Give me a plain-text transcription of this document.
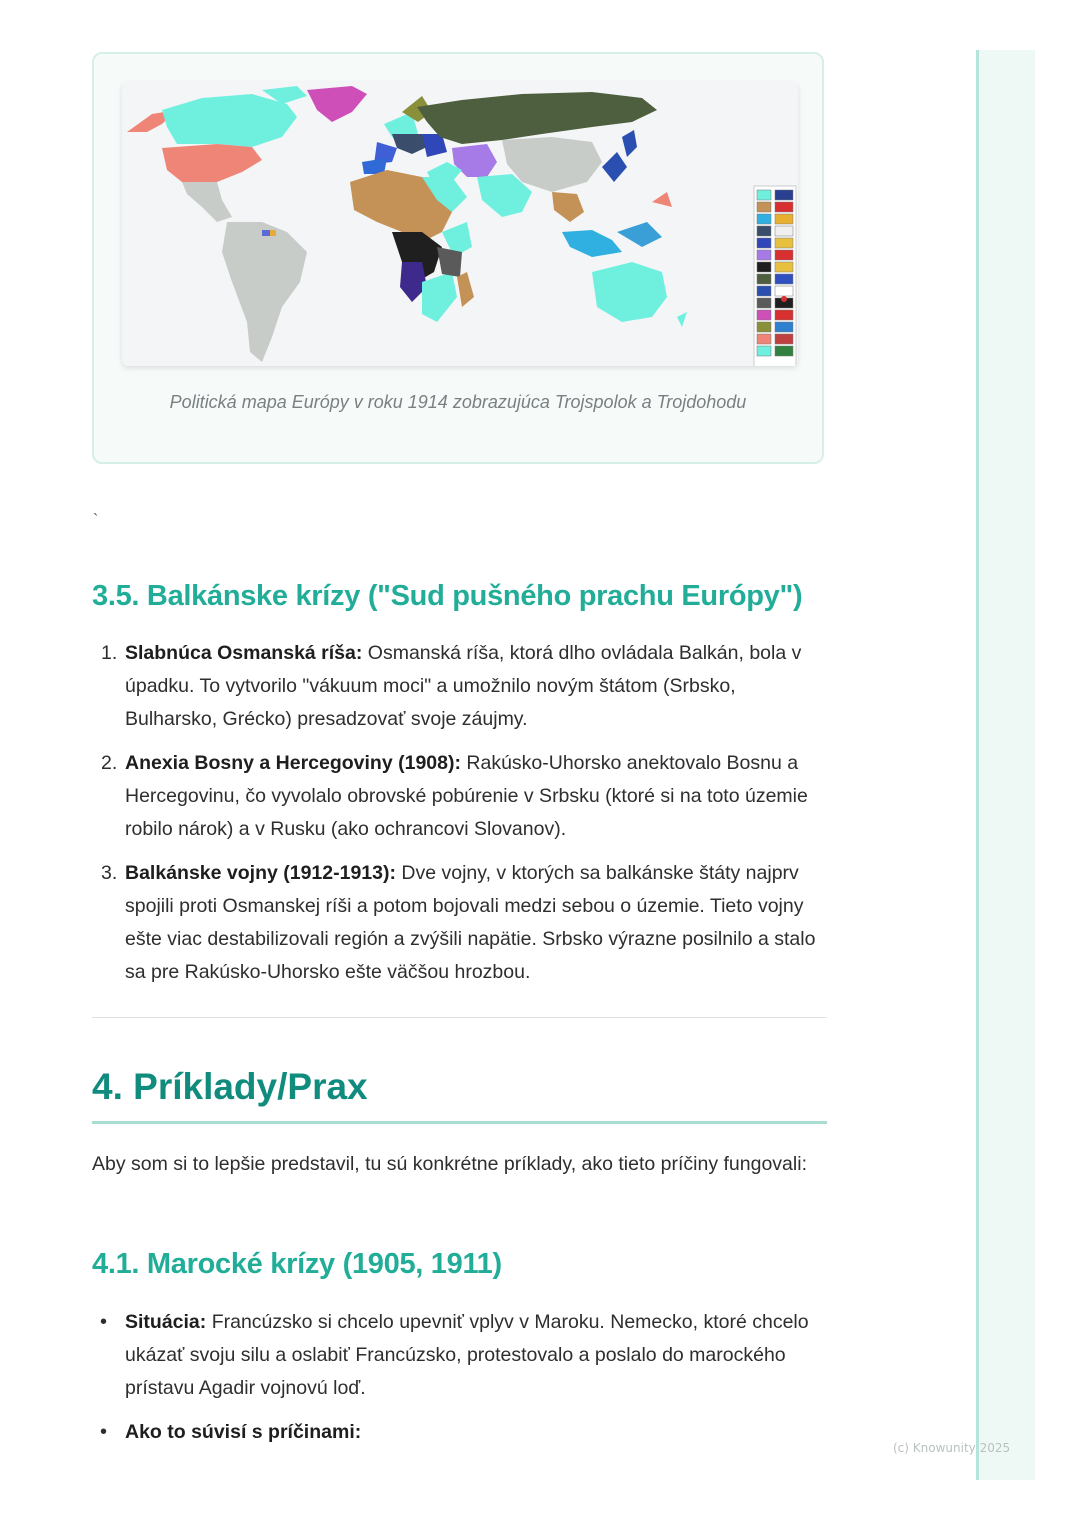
Politická mapa Európy v roku 1914 zobrazujúca Trojspolok a Trojdohodu
`
3.5. Balkánske krízy ("Sud pušného prachu Európy")
1. Slabnúca Osmanská ríša: Osmanská ríša, ktorá dlho ovládala Balkán, bola v úpadku. To vytvorilo "vákuum moci" a umožnilo novým štátom (Srbsko, Bulharsko, Grécko) presadzovať svoje záujmy.
2. Anexia Bosny a Hercegoviny (1908): Rakúsko-Uhorsko anektovalo Bosnu a Hercegovinu, čo vyvolalo obrovské pobúrenie v Srbsku (ktoré si na toto územie robilo nárok) a v Rusku (ako ochrancovi Slovanov).
3. Balkánske vojny (1912-1913): Dve vojny, v ktorých sa balkánske štáty najprv spojili proti Osmanskej ríši a potom bojovali medzi sebou o územie. Tieto vojny ešte viac destabilizovali región a zvýšili napätie. Srbsko výrazne posilnilo a stalo sa pre Rakúsko-Uhorsko ešte väčšou hrozbou.
4. Príklady/Prax

Aby som si to lepšie predstavil, tu sú konkrétne príklady, ako tieto príčiny fungovali:

4.1. Marocké krízy (1905, 1911)
• Situácia: Francúzsko si chcelo upevniť vplyv v Maroku. Nemecko, ktoré chcelo ukázať svoju silu a oslabiť Francúzsko, protestovalo a poslalo do marockého prístavu Agadir vojnovú loď.
• Ako to súvisí s príčinami:
(c) Knowunity 2025
